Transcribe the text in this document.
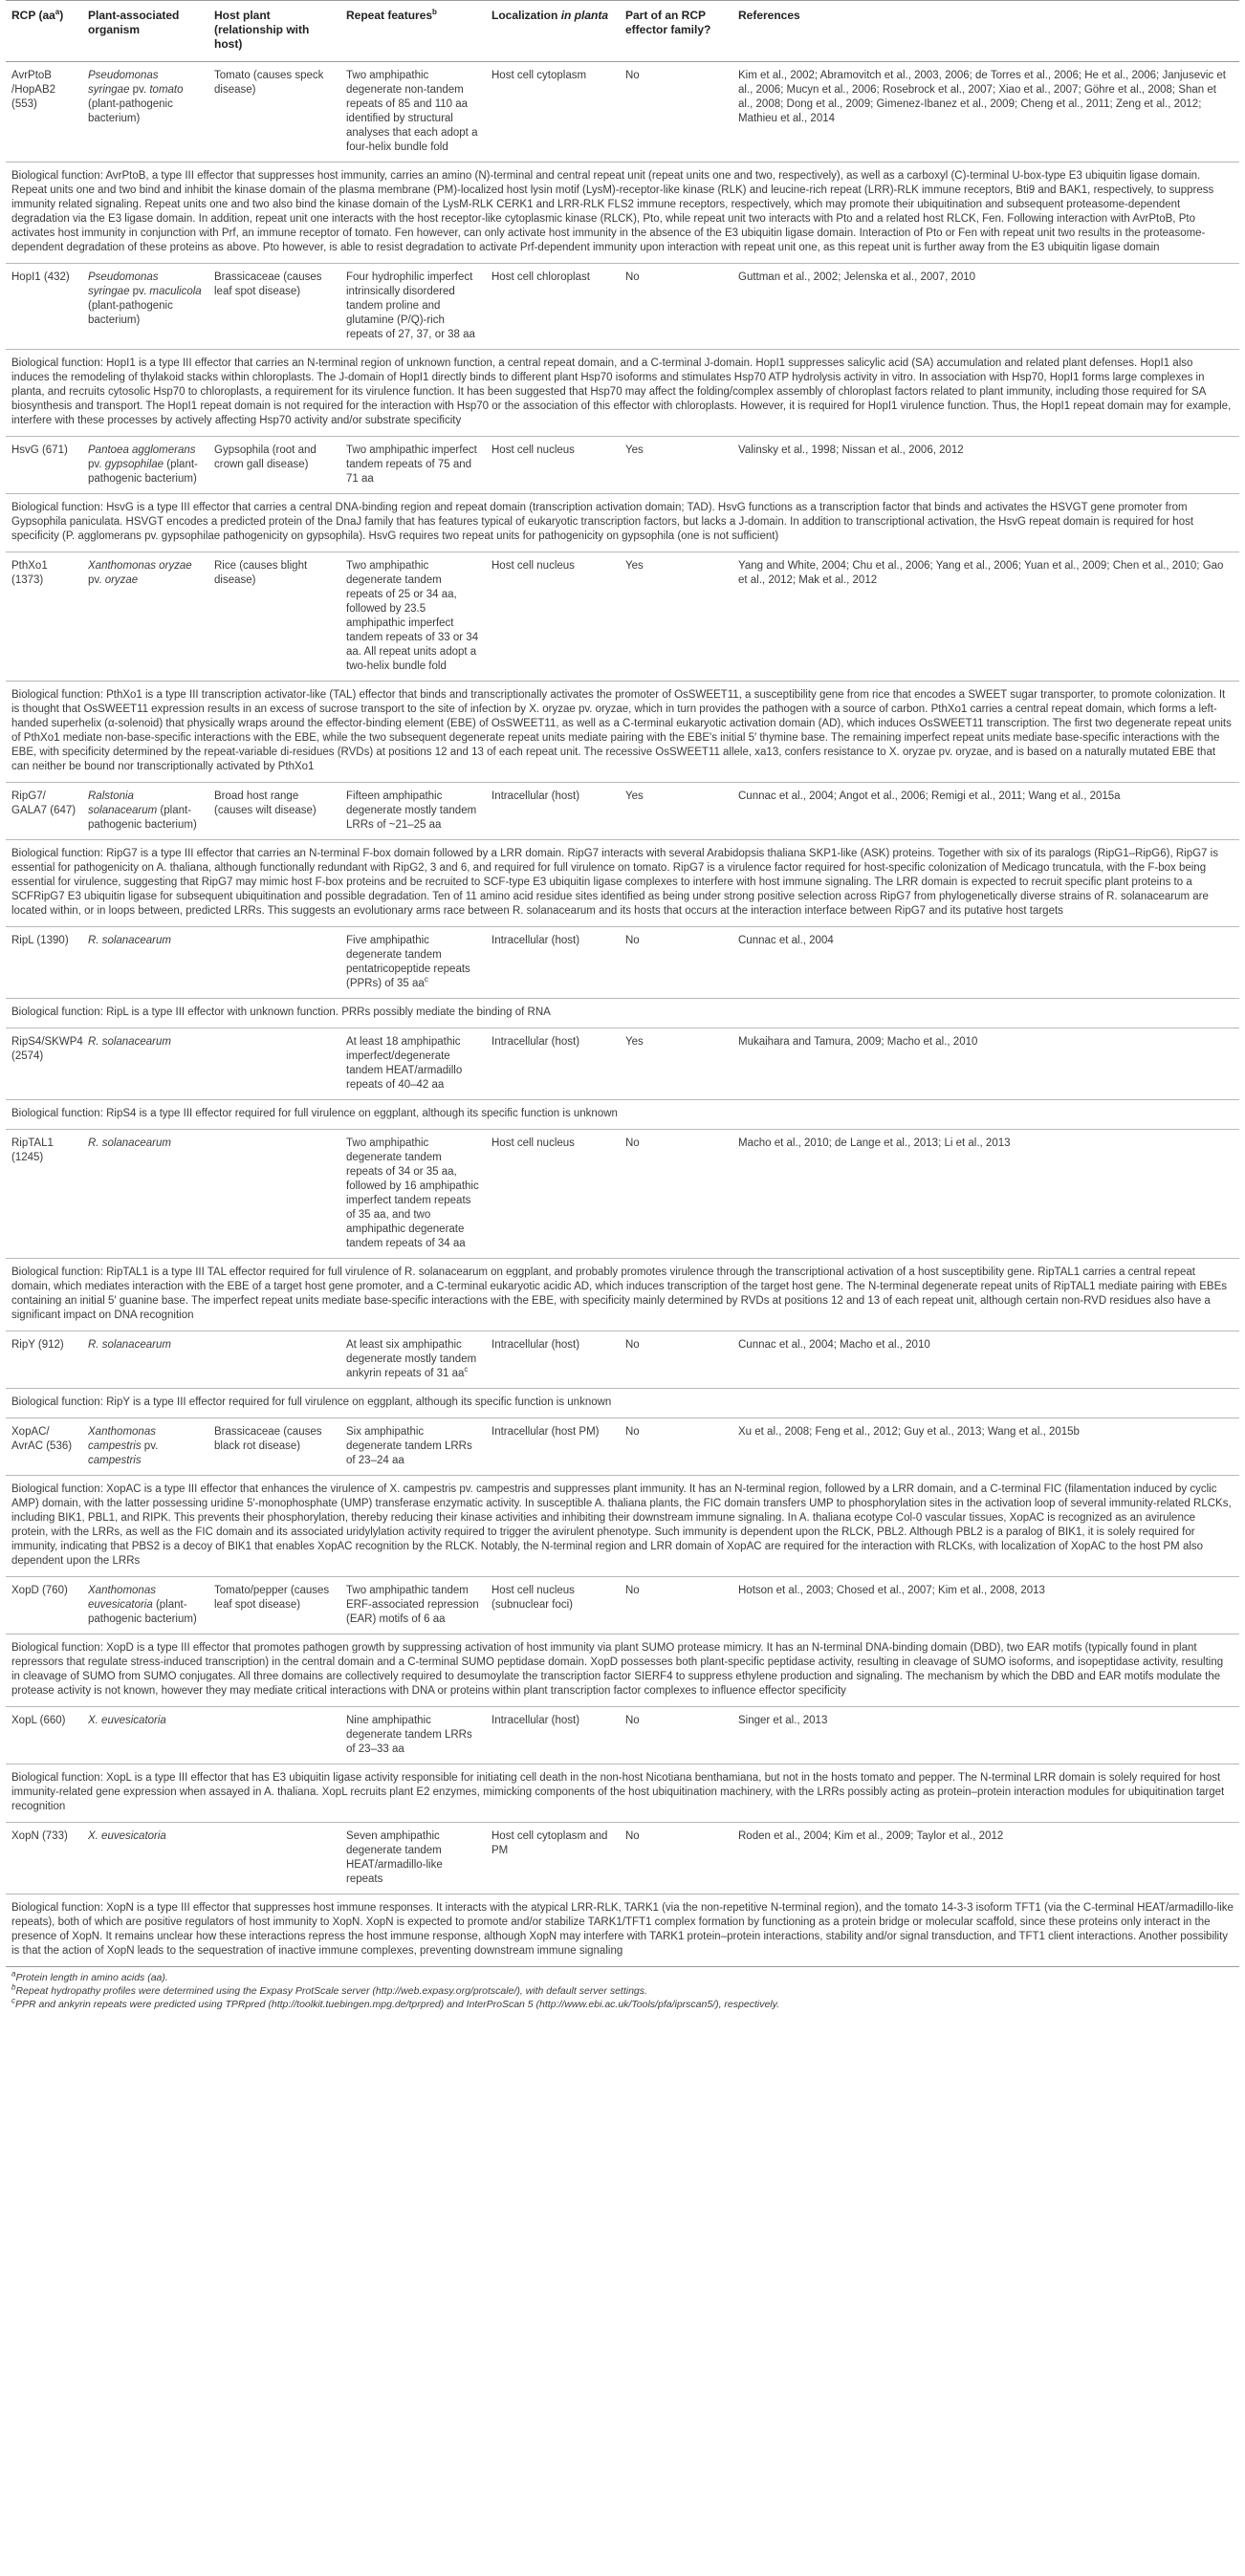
RCP $(aa^a)$	Plant-associated organism	Host plant (relationship with host)	Repeat features$^b$	Localization in planta	Part of an RCP effector family?	References
AvrPtoB /HopAB2 (553)	Pseudomonas syringae pv. tomato (plant-pathogenic bacterium)	Tomato (causes speck disease)	Two amphipathic degenerate non-tandem repeats of 85 and 110 aa identified by structural analyses that each adopt a four-helix bundle fold	Host cell cytoplasm	No	Kim et al., 2002; Abramovitch et al., 2003, 2006; de Torres et al., 2006; He et al., 2006; Janjusevic et al., 2006; Mucyn et al., 2006; Rosebrock et al., 2007; Xiao et al., 2007; Göhre et al., 2008; Shan et al., 2008; Dong et al., 2009; Gimenez-Ibanez et al., 2009; Cheng et al., 2011; Zeng et al., 2012; Mathieu et al., 2014
Biological function: AvrPtoB, a type III effector that suppresses host immunity, carries an amino (N)-terminal and central repeat unit (repeat units one and two, respectively), as well as a carboxyl (C)-terminal U-box-type E3 ubiquitin ligase domain. Repeat units one and two bind and inhibit the kinase domain of the plasma membrane (PM)-localized host lysin motif (LysM)-receptor-like kinase (RLK) and leucine-rich repeat (LRR)-RLK immune receptors, Bti9 and BAK1, respectively, to suppress immunity related signaling. Repeat units one and two also bind the kinase domain of the LysM-RLK CERK1 and LRR-RLK FLS2 immune receptors, respectively, which may promote their ubiquitination and subsequent proteasome-dependent degradation via the E3 ligase domain. In addition, repeat unit one interacts with the host receptor-like cytoplasmic kinase (RLCK), Pto, while repeat unit two interacts with Pto and a related host RLCK, Fen. Following interaction with AvrPtoB, Pto activates host immunity in conjunction with Prf, an immune receptor of tomato. Fen however, can only activate host immunity in the absence of the E3 ubiquitin ligase domain. Interaction of Pto or Fen with repeat unit two results in the proteasome-dependent degradation of these proteins as above. Pto however, is able to resist degradation to activate Prf-dependent immunity upon interaction with repeat unit one, as this repeat unit is further away from the E3 ubiquitin ligase domain						
HopI1 (432)	Pseudomonas syringae pv. maculicola (plant-pathogenic bacterium)	Brassicaceae (causes leaf spot disease)	Four hydrophilic imperfect intrinsically disordered tandem proline and glutamine (P/Q)-rich repeats of 27, 37, or 38 aa	Host cell chloroplast	No	Guttman et al., 2002; Jelenska et al., 2007, 2010
Biological function: HopI1 is a type III effector that carries an N-terminal region of unknown function, a central repeat domain, and a C-terminal J-domain. HopI1 suppresses salicylic acid (SA) accumulation and related plant defenses. HopI1 also induces the remodeling of thylakoid stacks within chloroplasts. The J-domain of HopI1 directly binds to different plant Hsp70 isoforms and stimulates Hsp70 ATP hydrolysis activity in vitro. In association with Hsp70, HopI1 forms large complexes in planta, and recruits cytosolic Hsp70 to chloroplasts, a requirement for its virulence function. It has been suggested that Hsp70 may affect the folding/complex assembly of chloroplast factors related to plant immunity, including those required for SA biosynthesis and transport. The HopI1 repeat domain is not required for the interaction with Hsp70 or the association of this effector with chloroplasts. However, it is required for HopI1 virulence function. Thus, the HopI1 repeat domain may for example, interfere with these processes by actively affecting Hsp70 activity and/or substrate specificity						
HsvG (671)	Pantoea agglomerans pv. gypsophilae (plant-pathogenic bacterium)	Gypsophila (root and crown gall disease)	Two amphipathic imperfect tandem repeats of 75 and 71 aa	Host cell nucleus	Yes	Valinsky et al., 1998; Nissan et al., 2006, 2012
Biological function: HsvG is a type III effector that carries a central DNA-binding region and repeat domain (transcription activation domain; TAD). HsvG functions as a transcription factor that binds and activates the HSVGT gene promoter from Gypsophila paniculata. HSVGT encodes a predicted protein of the DnaJ family that has features typical of eukaryotic transcription factors, but lacks a J-domain. In addition to transcriptional activation, the HsvG repeat domain is required for host specificity (P. agglomerans pv. gypsophilae pathogenicity on gypsophila). HsvG requires two repeat units for pathogenicity on gypsophila (one is not sufficient)						
PthXo1 (1373)	Xanthomonas oryzae pv. oryzae	Rice (causes blight disease)	Two amphipathic degenerate tandem repeats of 25 or 34 aa, followed by 23.5 amphipathic imperfect tandem repeats of 33 or 34 aa. All repeat units adopt a two-helix bundle fold	Host cell nucleus	Yes	Yang and White, 2004; Chu et al., 2006; Yang et al., 2006; Yuan et al., 2009; Chen et al., 2010; Gao et al., 2012; Mak et al., 2012
Biological function: PthXo1 is a type III transcription activator-like (TAL) effector that binds and transcriptionally activates the promoter of OsSWEET11, a susceptibility gene from rice that encodes a SWEET sugar transporter, to promote colonization. It is thought that OsSWEET11 expression results in an excess of sucrose transport to the site of infection by X. oryzae pv. oryzae, which in turn provides the pathogen with a source of carbon. PthXo1 carries a central repeat domain, which forms a left-handed superhelix (α-solenoid) that physically wraps around the effector-binding element (EBE) of OsSWEET11, as well as a C-terminal eukaryotic activation domain (AD), which induces OsSWEET11 transcription. The first two degenerate repeat units of PthXo1 mediate non-base-specific interactions with the EBE, while the two subsequent degenerate repeat units mediate pairing with the EBE's initial 5′ thymine base. The remaining imperfect repeat units mediate base-specific interactions with the EBE, with specificity determined by the repeat-variable di-residues (RVDs) at positions 12 and 13 of each repeat unit. The recessive OsSWEET11 allele, xa13, confers resistance to X. oryzae pv. oryzae, and is based on a naturally mutated EBE that can neither be bound nor transcriptionally activated by PthXo1						
RipG7/ GALA7 (647)	Ralstonia solanacearum (plant-pathogenic bacterium)	Broad host range (causes wilt disease)	Fifteen amphipathic degenerate mostly tandem LRRs of ~21–25 aa	Intracellular (host)	Yes	Cunnac et al., 2004; Angot et al., 2006; Remigi et al., 2011; Wang et al., 2015a
Biological function: RipG7 is a type III effector that carries an N-terminal F-box domain followed by a LRR domain. RipG7 interacts with several Arabidopsis thaliana SKP1-like (ASK) proteins. Together with six of its paralogs (RipG1–RipG6), RipG7 is essential for pathogenicity on A. thaliana, although functionally redundant with RipG2, 3 and 6, and required for full virulence on tomato. RipG7 is a virulence factor required for host-specific colonization of Medicago truncatula, with the F-box being essential for virulence, suggesting that RipG7 may mimic host F-box proteins and be recruited to SCF-type E3 ubiquitin ligase complexes to interfere with host immune signaling. The LRR domain is expected to recruit specific plant proteins to a SCFRipG7 E3 ubiquitin ligase for subsequent ubiquitination and possible degradation. Ten of 11 amino acid residue sites identified as being under strong positive selection across RipG7 from phylogenetically diverse strains of R. solanacearum are located within, or in loops between, predicted LRRs. This suggests an evolutionary arms race between R. solanacearum and its hosts that occurs at the interaction interface between RipG7 and its putative host targets						
RipL (1390)	R. solanacearum		Five amphipathic degenerate tandem pentatricopeptide repeats (PPRs) of 35 $aa^c$	Intracellular (host)	No	Cunnac et al., 2004
Biological function: RipL is a type III effector with unknown function. PRRs possibly mediate the binding of RNA						
RipS4/SKWP4 (2574)	R. solanacearum		At least 18 amphipathic imperfect/degenerate tandem HEAT/armadillo repeats of 40–42 aa	Intracellular (host)	Yes	Mukaihara and Tamura, 2009; Macho et al., 2010
Biological function: RipS4 is a type III effector required for full virulence on eggplant, although its specific function is unknown						
RipTAL1 (1245)	R. solanacearum		Two amphipathic degenerate tandem repeats of 34 or 35 aa, followed by 16 amphipathic imperfect tandem repeats of 35 aa, and two amphipathic degenerate tandem repeats of 34 aa	Host cell nucleus	No	Macho et al., 2010; de Lange et al., 2013; Li et al., 2013
Biological function: RipTAL1 is a type III TAL effector required for full virulence of R. solanacearum on eggplant, and probably promotes virulence through the transcriptional activation of a host susceptibility gene. RipTAL1 carries a central repeat domain, which mediates interaction with the EBE of a target host gene promoter, and a C-terminal eukaryotic acidic AD, which induces transcription of the target host gene. The N-terminal degenerate repeat units of RipTAL1 mediate pairing with EBEs containing an initial 5′ guanine base. The imperfect repeat units mediate base-specific interactions with the EBE, with specificity mainly determined by RVDs at positions 12 and 13 of each repeat unit, although certain non-RVD residues also have a significant impact on DNA recognition						
RipY (912)	R. solanacearum		At least six amphipathic degenerate mostly tandem ankyrin repeats of 31 $aa^c$	Intracellular (host)	No	Cunnac et al., 2004; Macho et al., 2010
Biological function: RipY is a type III effector required for full virulence on eggplant, although its specific function is unknown						
XopAC/ AvrAC (536)	Xanthomonas campestris pv. campestris	Brassicaceae (causes black rot disease)	Six amphipathic degenerate tandem LRRs of 23–24 aa	Intracellular (host PM)	No	Xu et al., 2008; Feng et al., 2012; Guy et al., 2013; Wang et al., 2015b
Biological function: XopAC is a type III effector that enhances the virulence of X. campestris pv. campestris and suppresses plant immunity. It has an N-terminal region, followed by a LRR domain, and a C-terminal FIC (filamentation induced by cyclic AMP) domain, with the latter possessing uridine 5′-monophosphate (UMP) transferase enzymatic activity. In susceptible A. thaliana plants, the FIC domain transfers UMP to phosphorylation sites in the activation loop of several immunity-related RLCKs, including BIK1, PBL1, and RIPK. This prevents their phosphorylation, thereby reducing their kinase activities and inhibiting their downstream immune signaling. In A. thaliana ecotype Col-0 vascular tissues, XopAC is recognized as an avirulence protein, with the LRRs, as well as the FIC domain and its associated uridylylation activity required to trigger the avirulent phenotype. Such immunity is dependent upon the RLCK, PBL2. Although PBL2 is a paralog of BIK1, it is solely required for immunity, indicating that PBS2 is a decoy of BIK1 that enables XopAC recognition by the RLCK. Notably, the N-terminal region and LRR domain of XopAC are required for the interaction with RLCKs, with localization of XopAC to the host PM also dependent upon the LRRs						
XopD (760)	Xanthomonas euvesicatoria (plant-pathogenic bacterium)	Tomato/pepper (causes leaf spot disease)	Two amphipathic tandem ERF-associated repression (EAR) motifs of 6 aa	Host cell nucleus (subnuclear foci)	No	Hotson et al., 2003; Chosed et al., 2007; Kim et al., 2008, 2013
Biological function: XopD is a type III effector that promotes pathogen growth by suppressing activation of host immunity via plant SUMO protease mimicry. It has an N-terminal DNA-binding domain (DBD), two EAR motifs (typically found in plant repressors that regulate stress-induced transcription) in the central domain and a C-terminal SUMO peptidase domain. XopD possesses both plant-specific peptidase activity, resulting in cleavage of SUMO isoforms, and isopeptidase activity, resulting in cleavage of SUMO from SUMO conjugates. All three domains are collectively required to desumoylate the transcription factor SIERF4 to suppress ethylene production and signaling. The mechanism by which the DBD and EAR motifs modulate the protease activity is not known, however they may mediate critical interactions with DNA or proteins within plant transcription factor complexes to influence effector specificity						
XopL (660)	X. euvesicatoria		Nine amphipathic degenerate tandem LRRs of 23–33 aa	Intracellular (host)	No	Singer et al., 2013
Biological function: XopL is a type III effector that has E3 ubiquitin ligase activity responsible for initiating cell death in the non-host Nicotiana benthamiana, but not in the hosts tomato and pepper. The N-terminal LRR domain is solely required for host immunity-related gene expression when assayed in A. thaliana. XopL recruits plant E2 enzymes, mimicking components of the host ubiquitination machinery, with the LRRs possibly acting as protein–protein interaction modules for ubiquitination target recognition						
XopN (733)	X. euvesicatoria		Seven amphipathic degenerate tandem HEAT/armadillo-like repeats	Host cell cytoplasm and PM	No	Roden et al., 2004; Kim et al., 2009; Taylor et al., 2012
Biological function: XopN is a type III effector that suppresses host immune responses. It interacts with the atypical LRR-RLK, TARK1 (via the non-repetitive N-terminal region), and the tomato 14-3-3 isoform TFT1 (via the C-terminal HEAT/armadillo-like repeats), both of which are positive regulators of host immunity to XopN. XopN is expected to promote and/or stabilize TARK1/TFT1 complex formation by functioning as a protein bridge or molecular scaffold, since these proteins only interact in the presence of XopN. It remains unclear how these interactions repress the host immune response, although XopN may interfere with TARK1 protein–protein interactions, stability and/or signal transduction, and TFT1 client interactions. Another possibility is that the action of XopN leads to the sequestration of inactive immune complexes, preventing downstream immune signaling						
$^a$Protein length in amino acids (aa).
$^b$Repeat hydropathy profiles were determined using the Expasy ProtScale server (http://web.expasy.org/protscale/), with default server settings.
$^c$PPR and ankyrin repeats were predicted using TPRpred (http://toolkit.tuebingen.mpg.de/tprpred) and InterProScan 5 (http://www.ebi.ac.uk/Tools/pfa/iprscan5/), respectively.
